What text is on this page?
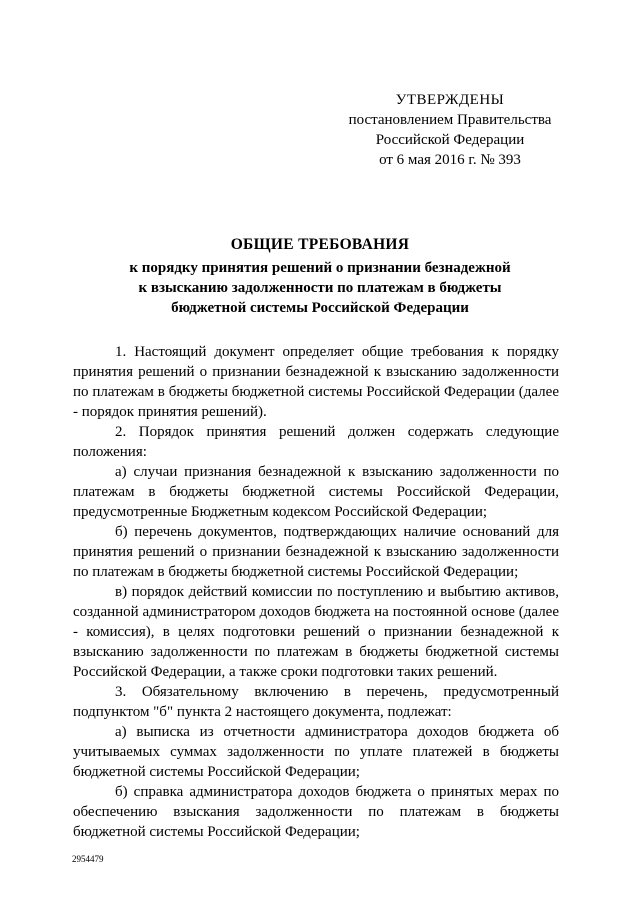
УТВЕРЖДЕНЫ
постановлением Правительства
Российской Федерации
от 6 мая 2016 г. № 393
ОБЩИЕ ТРЕБОВАНИЯ
к порядку принятия решений о признании безнадежной
к взысканию задолженности по платежам в бюджеты
бюджетной системы Российской Федерации

1. Настоящий документ определяет общие требования к порядку принятия решений о признании безнадежной к взысканию задолженности по платежам в бюджеты бюджетной системы Российской Федерации (далее - порядок принятия решений).

2. Порядок принятия решений должен содержать следующие положения:

а) случаи признания безнадежной к взысканию задолженности по платежам в бюджеты бюджетной системы Российской Федерации, предусмотренные Бюджетным кодексом Российской Федерации;

б) перечень документов, подтверждающих наличие оснований для принятия решений о признании безнадежной к взысканию задолженности по платежам в бюджеты бюджетной системы Российской Федерации;

в) порядок действий комиссии по поступлению и выбытию активов, созданной администратором доходов бюджета на постоянной основе (далее - комиссия), в целях подготовки решений о признании безнадежной к взысканию задолженности по платежам в бюджеты бюджетной системы Российской Федерации, а также сроки подготовки таких решений.

3. Обязательному включению в перечень, предусмотренный подпунктом "б" пункта 2 настоящего документа, подлежат:

а) выписка из отчетности администратора доходов бюджета об учитываемых суммах задолженности по уплате платежей в бюджеты бюджетной системы Российской Федерации;

б) справка администратора доходов бюджета о принятых мерах по обеспечению взыскания задолженности по платежам в бюджеты бюджетной системы Российской Федерации;

2954479
